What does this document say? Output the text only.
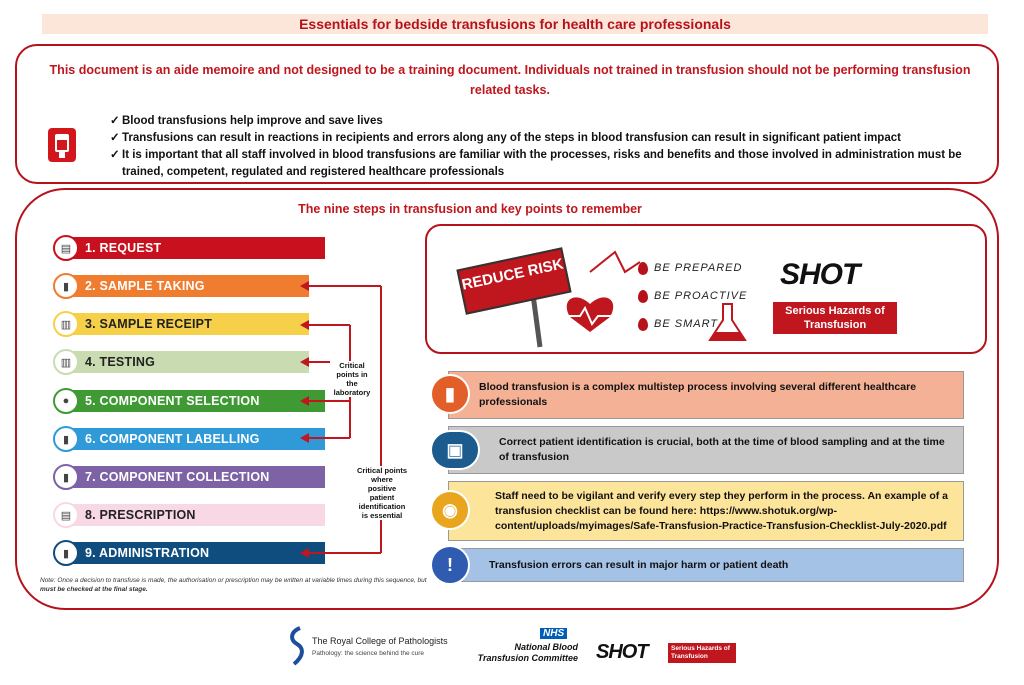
Essentials for bedside transfusions for health care professionals
This document is an aide memoire and not designed to be a training document. Individuals not trained in transfusion should not be performing transfusion related tasks.
✓ Blood transfusions help improve and save lives
✓ Transfusions can result in reactions in recipients and errors along any of the steps in blood transfusion can result in significant patient impact
✓ It is important that all staff involved in blood transfusions are familiar with the processes, risks and benefits and those involved in administration must be trained, competent, regulated and registered healthcare professionals
The nine steps in transfusion and key points to remember
▤	1. REQUEST
▮	2. SAMPLE TAKING
▥	3. SAMPLE RECEIPT
▥	4. TESTING
●	5. COMPONENT SELECTION
▮	6. COMPONENT LABELLING
▮	7. COMPONENT COLLECTION
▤	8. PRESCRIPTION
▮	9. ADMINISTRATION
Critical points in the laboratory
Critical points where positive patient identification is essential
Note: Once a decision to transfuse is made, the authorisation or prescription may be written at variable times during this sequence, but must be checked at the final stage.
REDUCE RISK	BE PREPARED
BE PROACTIVE
BE SMART
SHOT
Serious Hazards of Transfusion
Blood transfusion is a complex multistep process involving several different healthcare professionals
▮
Correct patient identification is crucial, both at the time of blood sampling and at the time of transfusion
▣
Staff need to be vigilant and verify every step they perform in the process. An example of a transfusion checklist can be found here: https://www.shotuk.org/wp-content/uploads/myimages/Safe-Transfusion-Practice-Transfusion-Checklist-July-2020.pdf
◉
Transfusion errors can result in major harm or patient death
!
The Royal College of Pathologists
Pathology: the science behind the cure
NHS
National Blood
Transfusion Committee SHOT	Serious Hazards of Transfusion
